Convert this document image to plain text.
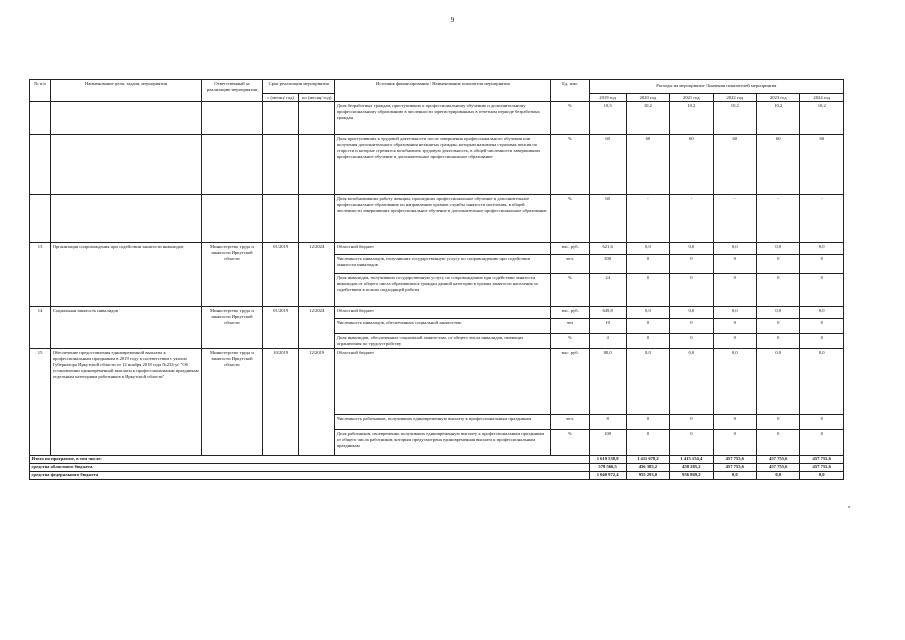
9
№ п/п	Наименование цели, задачи, мероприятия	Ответственный за реализацию мероприятия	Срок реализации мероприятия		Источник финансирования / Наименование показателя мероприятия	Ед. изм.	Расходы на мероприятие /Значения показателей мероприятия					
			с (месяц/ год)	по (месяц/ год)			2019 год	2020 год	2021 год	2022 год	2023 год	2024 год
					Доля безработных граждан, приступивших к профессиональному обучению и дополнительному профессиональному образованию в численности зарегистрированных в отчетном периоде безработных граждан	%	10,3	10,2	10,2	10,2	10,2	10,2
					Доля приступивших к трудовой деятельности после завершения профессионального обучения или получения дополнительного образования незанятых граждан, которым назначена страховая пенсия по старости и которые стремятся возобновить трудовую деятельность, в общей численности завершивших профессиональное обучение и дополнительное профессиональное образование	%	60	60	60	60	60	60
					Доля возобновивших работу женщин, прошедших профессиональное обучение и дополнительное профессиональное образование по направлению органов службы занятости населения, в общей численности завершивших профессиональное обучение и дополнительное профессиональное образование	%	60	-	-	-	-	-
13	Организация сопровождения при содействии занятости инвалидов	Министерство труда и занятости Иркутской области	01/2019	12/2024	Областной бюджет	тыс. руб.	621,6	0,0	0,0	0,0	0,0	0,0
					Численность инвалидов, получивших государственную услугу по сопровождению при содействии занятости инвалидов	чел.	300	0	0	0	0	0
					Доля инвалидов, получивших государственную услугу по сопровождению при содействии занятости инвалидов от общего числа обратившихся граждан данной категории в органы занятости населения за содействием в поиске подходящей работы	%	24	0	0	0	0	0
14	Социальная занятость инвалидов	Министерство труда и занятости Иркутской области	01/2019	12/2024	Областной бюджет	тыс. руб.	649,8	0,0	0,0	0,0	0,0	0,0
					Численность инвалидов, обеспеченных социальной занятостью	чел	10	0	0	0	0	0
					Доля инвалидов, обеспеченных социальной занятостью, от общего числа инвалидов, имеющих ограничения по трудоустройству	%	4	0	0	0	0	0
15	Обеспечение предоставления единовременной выплаты к профессиональным праздникам в 2019 году в соответствии с указом Губернатора Иркутской области от 12 ноября 2018 года №233-уг "Об установлении единовременной выплаты к профессиональным праздникам отдельным категориям работников в Иркутской области"	Министерство труда и занятости Иркутской области	10/2019	12/2019	Областной бюджет	тыс. руб.	80,0	0,0	0,0	0,0	0,0	0,0
					Численность работников, получивших единовременную выплату к профессиональным праздникам	чел.	8	0	0	0	0	0
					Доля работников, своевременно получивших единовременную выплату к профессиональным праздникам от общего числа работников, которым предусмотрена единовременная выплата к профессиональным праздникам	%	100	0	0	0	0	0
Итого по программе, в том числе:							1 619 538,9	1 411 678,2	1 415 154,4	457 755,6	457 755,6	457 755,6
средства областного бюджета							578 566,5	456 385,2	458 285,2	457 755,6	457 755,6	457 755,6
средства федерального бюджета							1 040 972,4	955 293,0	956 869,2	0,0	0,0	0,0
»
